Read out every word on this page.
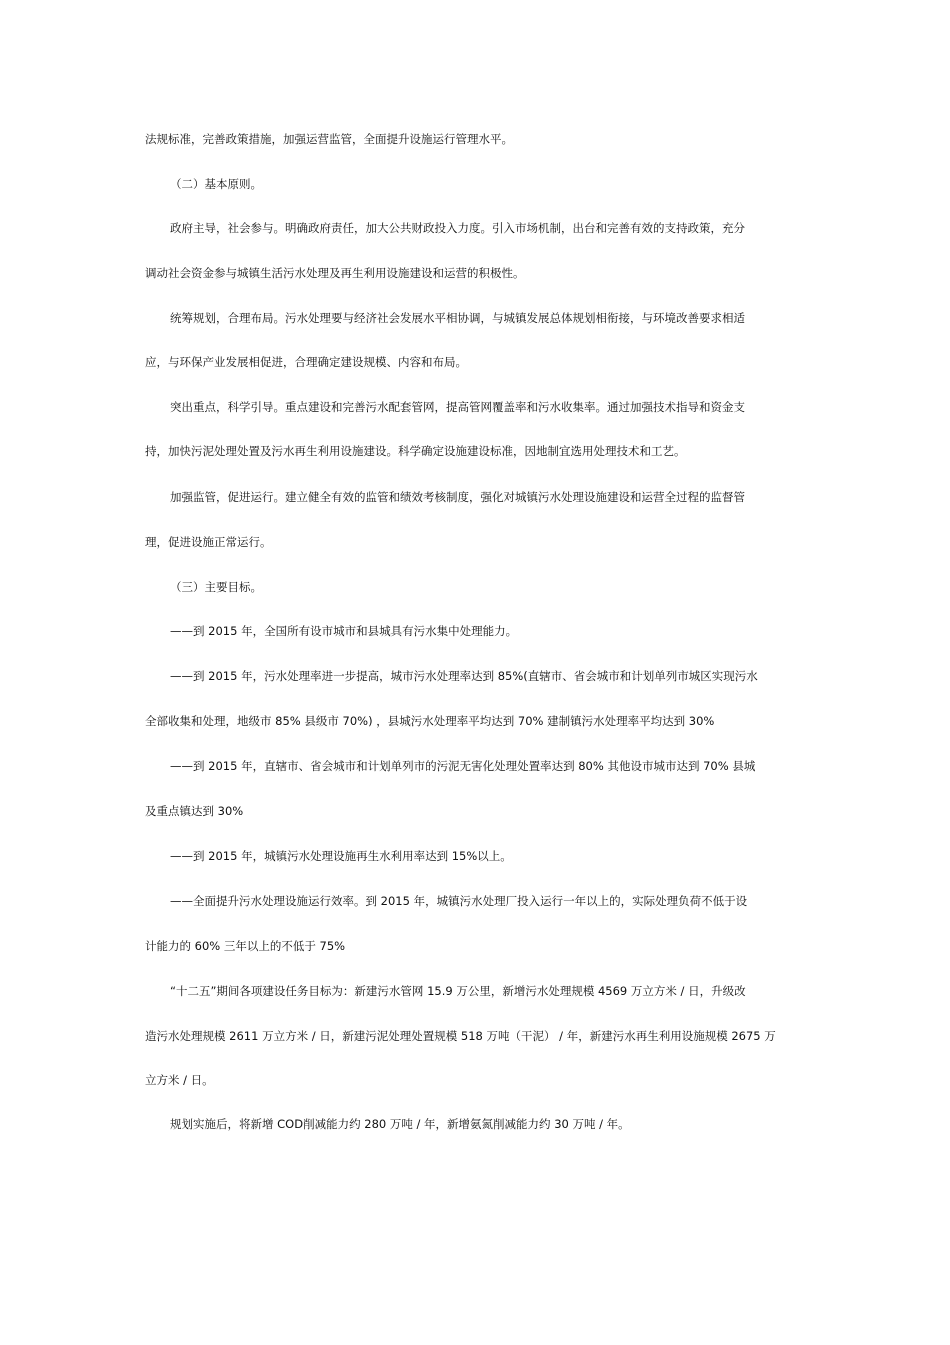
法规标准，完善政策措施，加强运营监管，全面提升设施运行管理水平。
（二）基本原则。
政府主导，社会参与。明确政府责任，加大公共财政投入力度。引入市场机制，出台和完善有效的支持政策，充分
调动社会资金参与城镇生活污水处理及再生利用设施建设和运营的积极性。
统筹规划，合理布局。污水处理要与经济社会发展水平相协调，与城镇发展总体规划相衔接，与环境改善要求相适
应，与环保产业发展相促进，合理确定建设规模、内容和布局。
突出重点，科学引导。重点建设和完善污水配套管网，提高管网覆盖率和污水收集率。通过加强技术指导和资金支
持，加快污泥处理处置及污水再生利用设施建设。科学确定设施建设标准，因地制宜选用处理技术和工艺。
加强监管，促进运行。建立健全有效的监管和绩效考核制度，强化对城镇污水处理设施建设和运营全过程的监督管
理，促进设施正常运行。
（三）主要目标。
——到 2015 年，全国所有设市城市和县城具有污水集中处理能力。
——到 2015 年，污水处理率进一步提高，城市污水处理率达到 85%(直辖市、省会城市和计划单列市城区实现污水
全部收集和处理，地级市 85% 县级市 70%) ，县城污水处理率平均达到 70% 建制镇污水处理率平均达到 30%
——到 2015 年，直辖市、省会城市和计划单列市的污泥无害化处理处置率达到 80% 其他设市城市达到 70% 县城
及重点镇达到 30%
——到 2015 年，城镇污水处理设施再生水利用率达到 15%以上。
——全面提升污水处理设施运行效率。到 2015 年，城镇污水处理厂投入运行一年以上的，实际处理负荷不低于设
计能力的 60% 三年以上的不低于 75%
“十二五”期间各项建设任务目标为：新建污水管网 15.9 万公里，新增污水处理规模 4569 万立方米 / 日，升级改
造污水处理规模 2611 万立方米 / 日，新建污泥处理处置规模 518 万吨（干泥） / 年，新建污水再生利用设施规模 2675 万
立方米 / 日。
规划实施后，将新增 COD削减能力约 280 万吨 / 年，新增氨氮削减能力约 30 万吨 / 年。
